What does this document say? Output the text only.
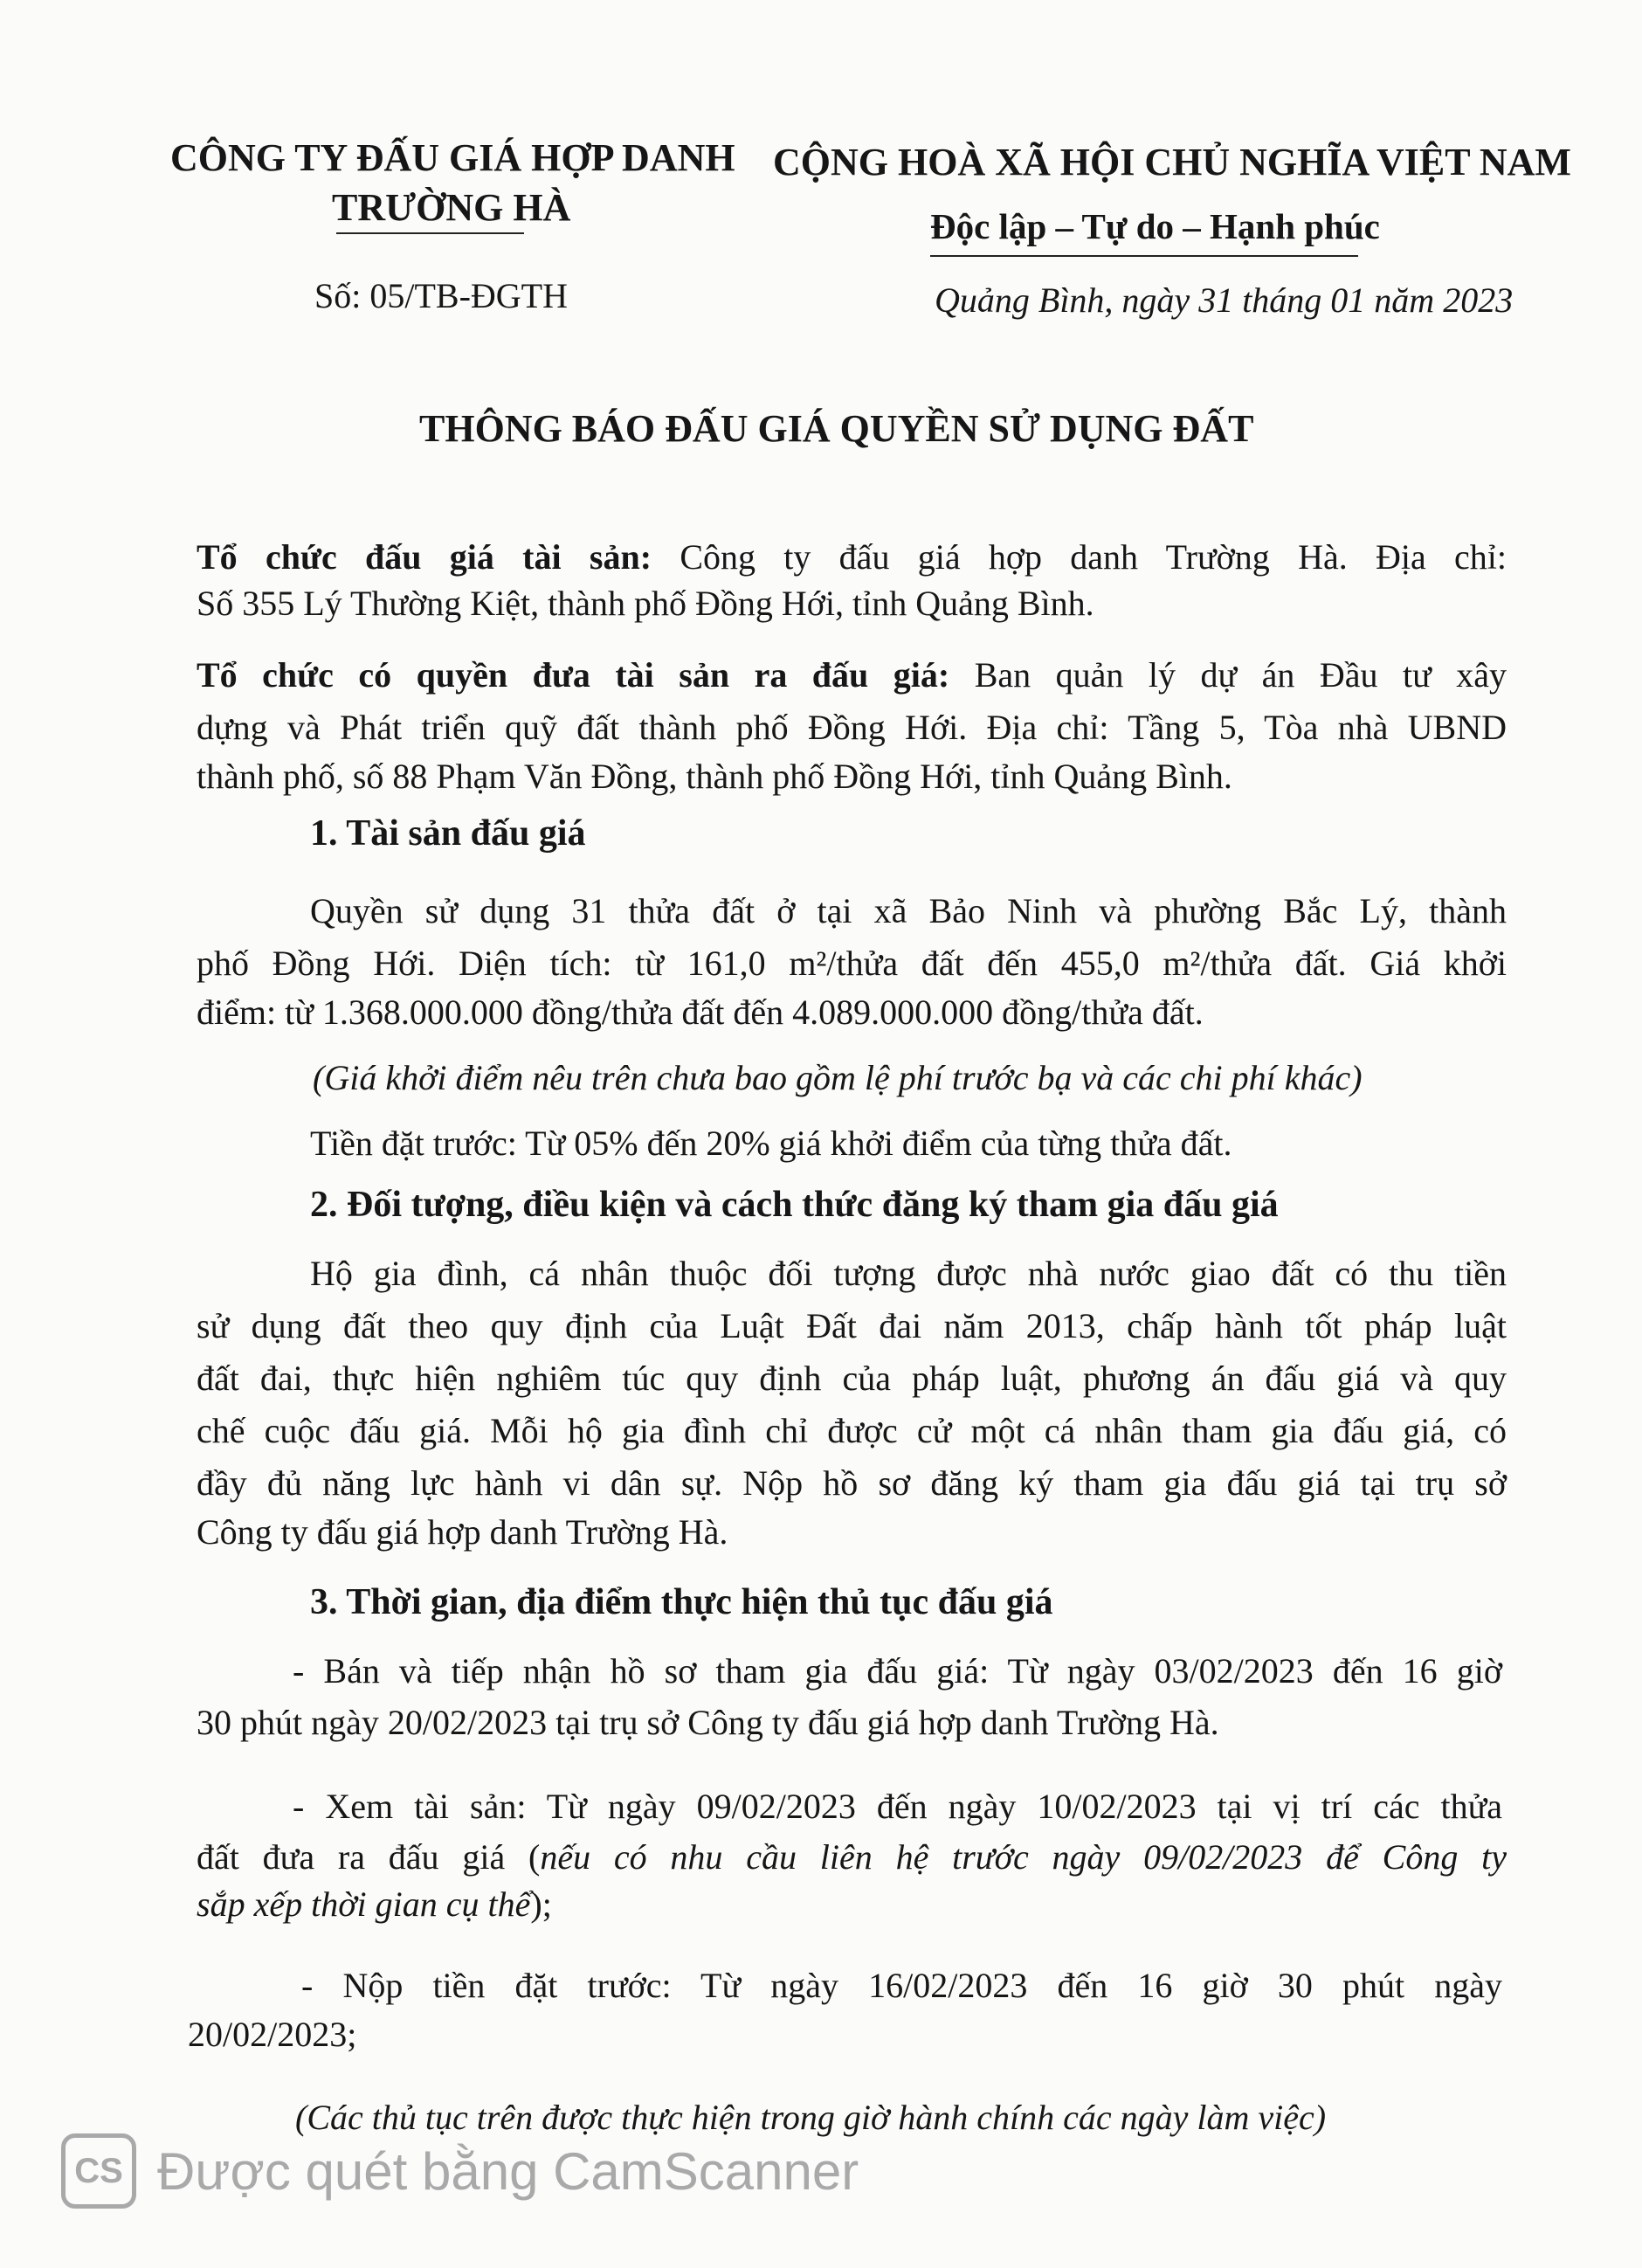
CÔNG TY ĐẤU GIÁ HỢP DANH
TRƯỜNG HÀ
CỘNG HOÀ XÃ HỘI CHỦ NGHĨA VIỆT NAM
Độc lập – Tự do – Hạnh phúc
Số: 05/TB-ĐGTH	Quảng Bình, ngày 31 tháng 01 năm 2023
THÔNG BÁO ĐẤU GIÁ QUYỀN SỬ DỤNG ĐẤT
Tổ chức đấu giá tài sản: Công ty đấu giá hợp danh Trường Hà. Địa chỉ:
Số 355 Lý Thường Kiệt, thành phố Đồng Hới, tỉnh Quảng Bình.
Tổ chức có quyền đưa tài sản ra đấu giá: Ban quản lý dự án Đầu tư xây
dựng và Phát triển quỹ đất thành phố Đồng Hới. Địa chỉ: Tầng 5, Tòa nhà UBND
thành phố, số 88 Phạm Văn Đồng, thành phố Đồng Hới, tỉnh Quảng Bình.
1. Tài sản đấu giá
Quyền sử dụng 31 thửa đất ở tại xã Bảo Ninh và phường Bắc Lý, thành
phố Đồng Hới. Diện tích: từ 161,0 m²/thửa đất đến 455,0 m²/thửa đất. Giá khởi
điểm: từ 1.368.000.000 đồng/thửa đất đến 4.089.000.000 đồng/thửa đất.
(Giá khởi điểm nêu trên chưa bao gồm lệ phí trước bạ và các chi phí khác)
Tiền đặt trước: Từ 05% đến 20% giá khởi điểm của từng thửa đất.
2. Đối tượng, điều kiện và cách thức đăng ký tham gia đấu giá
Hộ gia đình, cá nhân thuộc đối tượng được nhà nước giao đất có thu tiền
sử dụng đất theo quy định của Luật Đất đai năm 2013, chấp hành tốt pháp luật
đất đai, thực hiện nghiêm túc quy định của pháp luật, phương án đấu giá và quy
chế cuộc đấu giá. Mỗi hộ gia đình chỉ được cử một cá nhân tham gia đấu giá, có
đầy đủ năng lực hành vi dân sự. Nộp hồ sơ đăng ký tham gia đấu giá tại trụ sở
Công ty đấu giá hợp danh Trường Hà.
3. Thời gian, địa điểm thực hiện thủ tục đấu giá
- Bán và tiếp nhận hồ sơ tham gia đấu giá: Từ ngày 03/02/2023 đến 16 giờ
30 phút ngày 20/02/2023 tại trụ sở Công ty đấu giá hợp danh Trường Hà.
- Xem tài sản: Từ ngày 09/02/2023 đến ngày 10/02/2023 tại vị trí các thửa
đất đưa ra đấu giá (nếu có nhu cầu liên hệ trước ngày 09/02/2023 để Công ty
sắp xếp thời gian cụ thể);
- Nộp tiền đặt trước: Từ ngày 16/02/2023 đến 16 giờ 30 phút ngày
20/02/2023;
(Các thủ tục trên được thực hiện trong giờ hành chính các ngày làm việc)
CS Được quét bằng CamScanner
